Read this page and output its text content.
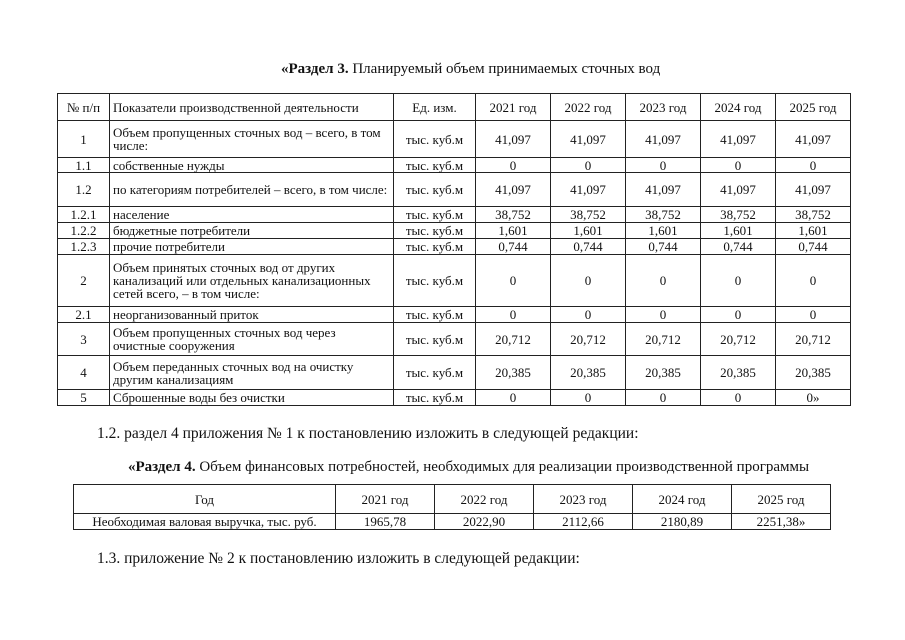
«Раздел 3. Планируемый объем принимаемых сточных вод
№ п/п	Показатели производственной деятельности	Ед. изм.	2021 год	2022 год	2023 год	2024 год	2025 год
1	Объем пропущенных сточных вод – всего, в том числе:	тыс. куб.м	41,097	41,097	41,097	41,097	41,097
1.1	собственные нужды	тыс. куб.м	0	0	0	0	0
1.2	по категориям потребителей – всего, в том числе:	тыс. куб.м	41,097	41,097	41,097	41,097	41,097
1.2.1	население	тыс. куб.м	38,752	38,752	38,752	38,752	38,752
1.2.2	бюджетные потребители	тыс. куб.м	1,601	1,601	1,601	1,601	1,601
1.2.3	прочие потребители	тыс. куб.м	0,744	0,744	0,744	0,744	0,744
2	Объем принятых сточных вод от других канализаций или отдельных канализационных сетей всего, – в том числе:	тыс. куб.м	0	0	0	0	0
2.1	неорганизованный приток	тыс. куб.м	0	0	0	0	0
3	Объем пропущенных сточных вод через очистные сооружения	тыс. куб.м	20,712	20,712	20,712	20,712	20,712
4	Объем переданных сточных вод на очистку другим канализациям	тыс. куб.м	20,385	20,385	20,385	20,385	20,385
5	Сброшенные воды без очистки	тыс. куб.м	0	0	0	0	0»
1.2. раздел 4 приложения № 1 к постановлению изложить в следующей редакции:
«Раздел 4. Объем финансовых потребностей, необходимых для реализации производственной программы
Год	2021 год	2022 год	2023 год	2024 год	2025 год
Необходимая валовая выручка, тыс. руб.	1965,78	2022,90	2112,66	2180,89	2251,38»
1.3. приложение № 2 к постановлению изложить в следующей редакции:
